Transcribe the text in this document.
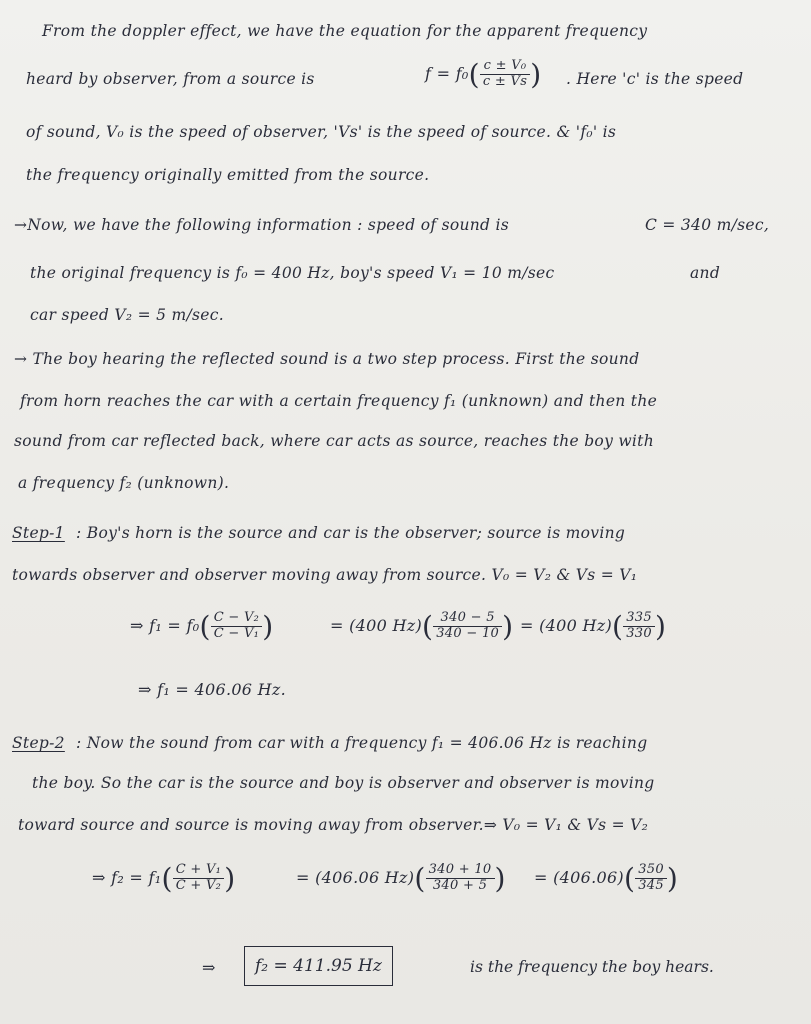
From the doppler effect, we have the equation for the apparent frequency
heard by observer, from a source is	$f = f_0( \frac{\text{c ± V₀}}{c \pm Vs}$ ) . Here 'c' is the speed
of sound, V₀ is the speed of observer, 'Vs' is the speed of source. & 'f₀' is
the frequency originally emitted from the source.
→Now, we have the following information : speed of sound is	C = 340 m/sec,
the original frequency is f₀ = 400 Hz, boy's speed V₁ = 10 m/sec	and
car speed V₂ = 5 m/sec.
→ The boy hearing the reflected sound is a two step process. First the sound
from horn reaches the car with a certain frequency f₁ (unknown) and then the
sound from car reflected back, where car acts as source, reaches the boy with
a frequency f₂ (unknown).
Step-1 : Boy's horn is the source and car is the observer; source is moving
towards observer and observer moving away from source. V₀ = V₂ & Vs = V₁
⇒ $f_1 = f_0( \frac{\text{C − V₂}}{\text{C − V₁}}$ )	= (400 $Hz)( \frac{340 - 5}{340 - 10}$ ) = (400 $Hz)( \frac{335}{330}$ )
⇒ f₁ = 406.06 Hz.
Step-2 : Now the sound from car with a frequency f₁ = 406.06 Hz is reaching
the boy. So the car is the source and boy is observer and observer is moving
toward source and source is moving away from observer.⇒ V₀ = V₁ & Vs = V₂
⇒ $f_2 = f_1( \frac{\text{C + V₁}}{\text{C + V₂}}$ )	= (406.06 $Hz)( \frac{340 + 10}{340 + 5}$ ) = $(406.06)( \frac{350}{345}$ )
⇒	f₂ = 411.95 Hz	is the frequency the boy hears.
